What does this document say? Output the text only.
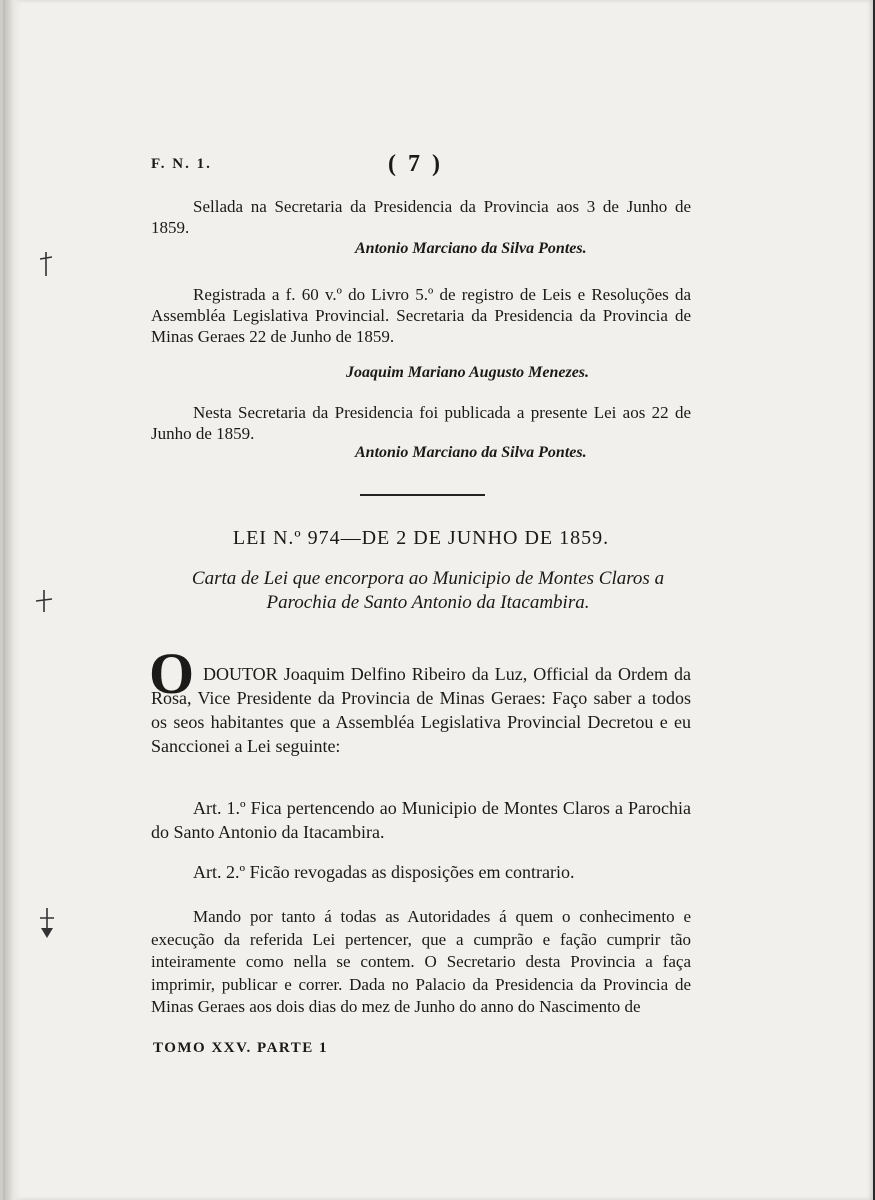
F. N. 1.	( 7 )
Sellada na Secretaria da Presidencia da Provincia aos 3 de Junho de 1859.
Antonio Marciano da Silva Pontes.
Registrada a f. 60 v.º do Livro 5.º de registro de Leis e Resoluções da Assembléa Legislativa Provincial. Secretaria da Presidencia da Provincia de Minas Geraes 22 de Junho de 1859.
Joaquim Mariano Augusto Menezes.
Nesta Secretaria da Presidencia foi publicada a presente Lei aos 22 de Junho de 1859.
Antonio Marciano da Silva Pontes.
LEI N.º 974—DE 2 DE JUNHO DE 1859.
Carta de Lei que encorpora ao Municipio de Montes Claros a Parochia de Santo Antonio da Itacambira.
O DOUTOR Joaquim Delfino Ribeiro da Luz, Official da Ordem da Rosa, Vice Presidente da Provincia de Minas Geraes: Faço saber a todos os seos habitantes que a Assembléa Legislativa Provincial Decretou e eu Sanccionei a Lei seguinte:
Art. 1.º Fica pertencendo ao Municipio de Montes Claros a Parochia do Santo Antonio da Itacambira.
Art. 2.º Ficão revogadas as disposições em contrario.
Mando por tanto á todas as Autoridades á quem o conhecimento e execução da referida Lei pertencer, que a cumprão e façãо cumprir tão inteiramente como nella se contem. O Secretario desta Provincia a faça imprimir, publicar e correr. Dada no Palacio da Presidencia da Provincia de Minas Geraes aos dois dias do mez de Junho do anno do Nascimento de
TOMO XXV. PARTE 1
